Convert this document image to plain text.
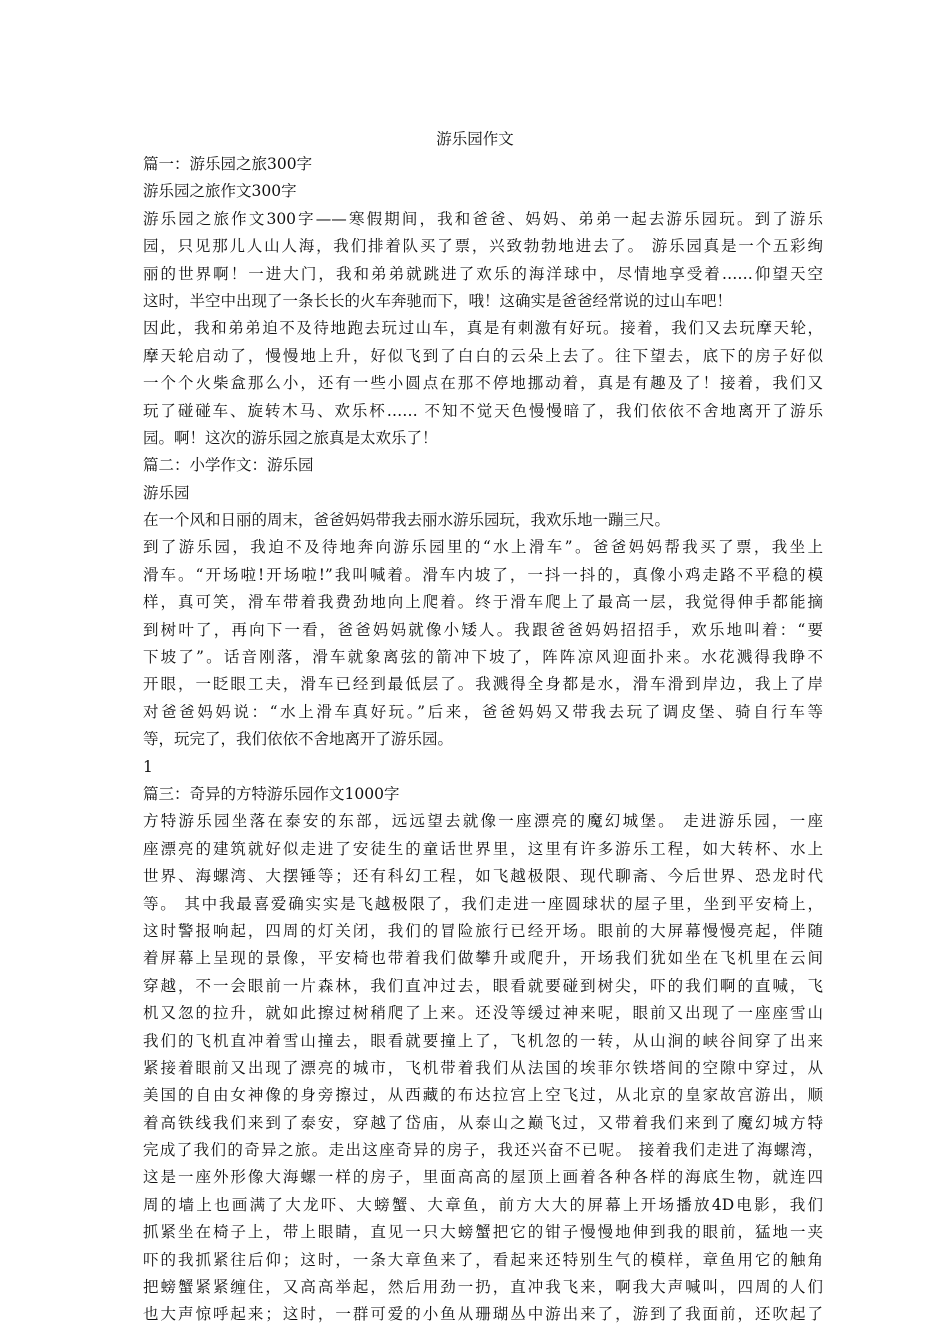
游乐园作文
篇一：游乐园之旅300字
游乐园之旅作文300字
游乐园之旅作文300字——寒假期间，我和爸爸、妈妈、弟弟一起去游乐园玩。到了游乐
园，只见那儿人山人海，我们排着队买了票，兴致勃勃地进去了。 游乐园真是一个五彩绚
丽的世界啊！一进大门，我和弟弟就跳进了欢乐的海洋球中，尽情地享受着……仰望天空
这时，半空中出现了一条长长的火车奔驰而下，哦！这确实是爸爸经常说的过山车吧！
因此，我和弟弟迫不及待地跑去玩过山车，真是有刺激有好玩。接着，我们又去玩摩天轮，
摩天轮启动了，慢慢地上升，好似飞到了白白的云朵上去了。往下望去，底下的房子好似
一个个火柴盒那么小，还有一些小圆点在那不停地挪动着，真是有趣及了！接着，我们又
玩了碰碰车、旋转木马、欢乐杯…… 不知不觉天色慢慢暗了，我们依依不舍地离开了游乐
园。啊！这次的游乐园之旅真是太欢乐了！
篇二：小学作文：游乐园
游乐园
在一个风和日丽的周末，爸爸妈妈带我去丽水游乐园玩，我欢乐地一蹦三尺。
到了游乐园，我迫不及待地奔向游乐园里的“水上滑车”。爸爸妈妈帮我买了票，我坐上
滑车。“开场啦!开场啦!”我叫喊着。滑车内坡了，一抖一抖的，真像小鸡走路不平稳的模
样，真可笑，滑车带着我费劲地向上爬着。终于滑车爬上了最高一层，我觉得伸手都能摘
到树叶了，再向下一看，爸爸妈妈就像小矮人。我跟爸爸妈妈招招手，欢乐地叫着：“要
下坡了”。话音刚落，滑车就象离弦的箭冲下坡了，阵阵凉风迎面扑来。水花溅得我睁不
开眼，一眨眼工夫，滑车已经到最低层了。我溅得全身都是水，滑车滑到岸边，我上了岸
对爸爸妈妈说：“水上滑车真好玩。”后来，爸爸妈妈又带我去玩了调皮堡、骑自行车等
等，玩完了，我们依依不舍地离开了游乐园。
1
篇三：奇异的方特游乐园作文1000字
方特游乐园坐落在泰安的东部，远远望去就像一座漂亮的魔幻城堡。 走进游乐园，一座
座漂亮的建筑就好似走进了安徒生的童话世界里，这里有许多游乐工程，如大转杯、水上
世界、海螺湾、大摆锤等；还有科幻工程，如飞越极限、现代聊斋、今后世界、恐龙时代
等。 其中我最喜爱确实实是飞越极限了，我们走进一座圆球状的屋子里，坐到平安椅上，
这时警报响起，四周的灯关闭，我们的冒险旅行已经开场。眼前的大屏幕慢慢亮起，伴随
着屏幕上呈现的景像，平安椅也带着我们做攀升或爬升，开场我们犹如坐在飞机里在云间
穿越，不一会眼前一片森林，我们直冲过去，眼看就要碰到树尖，吓的我们啊的直喊，飞
机又忽的拉升，就如此擦过树稍爬了上来。还没等缓过神来呢，眼前又出现了一座座雪山
我们的飞机直冲着雪山撞去，眼看就要撞上了，飞机忽的一转，从山涧的峡谷间穿了出来
紧接着眼前又出现了漂亮的城市，飞机带着我们从法国的埃菲尔铁塔间的空隙中穿过，从
美国的自由女神像的身旁擦过，从西藏的布达拉宫上空飞过，从北京的皇家故宫游出，顺
着高铁线我们来到了泰安，穿越了岱庙，从泰山之巅飞过，又带着我们来到了魔幻城方特
完成了我们的奇异之旅。走出这座奇异的房子，我还兴奋不已呢。 接着我们走进了海螺湾，
这是一座外形像大海螺一样的房子，里面高高的屋顶上画着各种各样的海底生物，就连四
周的墙上也画满了大龙吓、大螃蟹、大章鱼，前方大大的屏幕上开场播放4D电影，我们
抓紧坐在椅子上，带上眼睛，直见一只大螃蟹把它的钳子慢慢地伸到我的眼前，猛地一夹
吓的我抓紧往后仰；这时，一条大章鱼来了，看起来还特别生气的模样，章鱼用它的触角
把螃蟹紧紧缠住，又高高举起，然后用劲一扔，直冲我飞来，啊我大声喊叫，四周的人们
也大声惊呼起来；这时，一群可爱的小鱼从珊瑚丛中游出来了，游到了我面前，还吹起了
